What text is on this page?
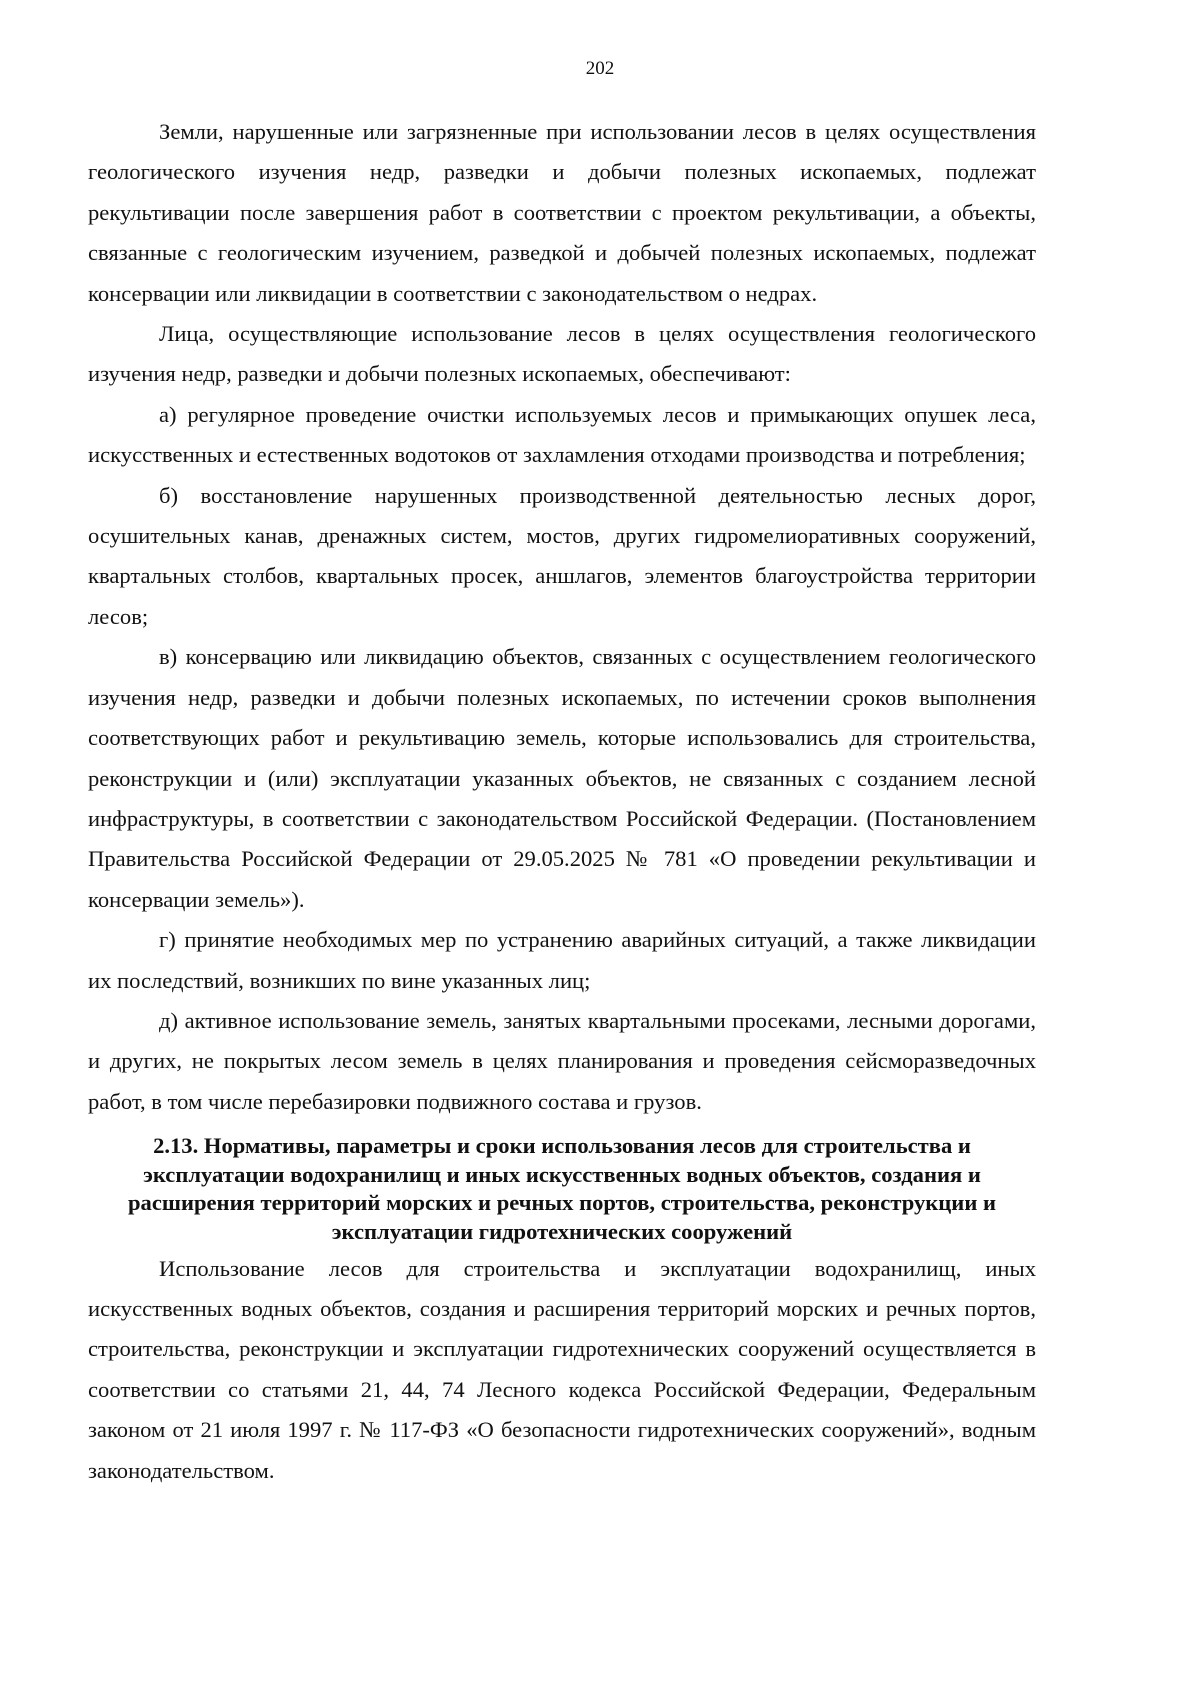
202

Земли, нарушенные или загрязненные при использовании лесов в целях осуществления геологического изучения недр, разведки и добычи полезных ископаемых, подлежат рекультивации после завершения работ в соответствии с проектом рекультивации, а объекты, связанные с геологическим изучением, разведкой и добычей полезных ископаемых, подлежат консервации или ликвидации в соответствии с законодательством о недрах.

Лица, осуществляющие использование лесов в целях осуществления геологического изучения недр, разведки и добычи полезных ископаемых, обеспечивают:

а) регулярное проведение очистки используемых лесов и примыкающих опушек леса, искусственных и естественных водотоков от захламления отходами производства и потребления;

б) восстановление нарушенных производственной деятельностью лесных дорог, осушительных канав, дренажных систем, мостов, других гидромелиоративных сооружений, квартальных столбов, квартальных просек, аншлагов, элементов благоустройства территории лесов;

в) консервацию или ликвидацию объектов, связанных с осуществлением геологического изучения недр, разведки и добычи полезных ископаемых, по истечении сроков выполнения соответствующих работ и рекультивацию земель, которые использовались для строительства, реконструкции и (или) эксплуатации указанных объектов, не связанных с созданием лесной инфраструктуры, в соответствии с законодательством Российской Федерации. (Постановлением Правительства Российской Федерации от 29.05.2025 № 781 «О проведении рекультивации и консервации земель»).

г) принятие необходимых мер по устранению аварийных ситуаций, а также ликвидации их последствий, возникших по вине указанных лиц;

д) активное использование земель, занятых квартальными просеками, лесными дорогами, и других, не покрытых лесом земель в целях планирования и проведения сейсморазведочных работ, в том числе перебазировки подвижного состава и грузов.

2.13. Нормативы, параметры и сроки использования лесов для строительства и эксплуатации водохранилищ и иных искусственных водных объектов, создания и расширения территорий морских и речных портов, строительства, реконструкции и эксплуатации гидротехнических сооружений

Использование лесов для строительства и эксплуатации водохранилищ, иных искусственных водных объектов, создания и расширения территорий морских и речных портов, строительства, реконструкции и эксплуатации гидротехнических сооружений осуществляется в соответствии со статьями 21, 44, 74 Лесного кодекса Российской Федерации, Федеральным законом от 21 июля 1997 г. № 117-ФЗ «О безопасности гидротехнических сооружений», водным законодательством.
